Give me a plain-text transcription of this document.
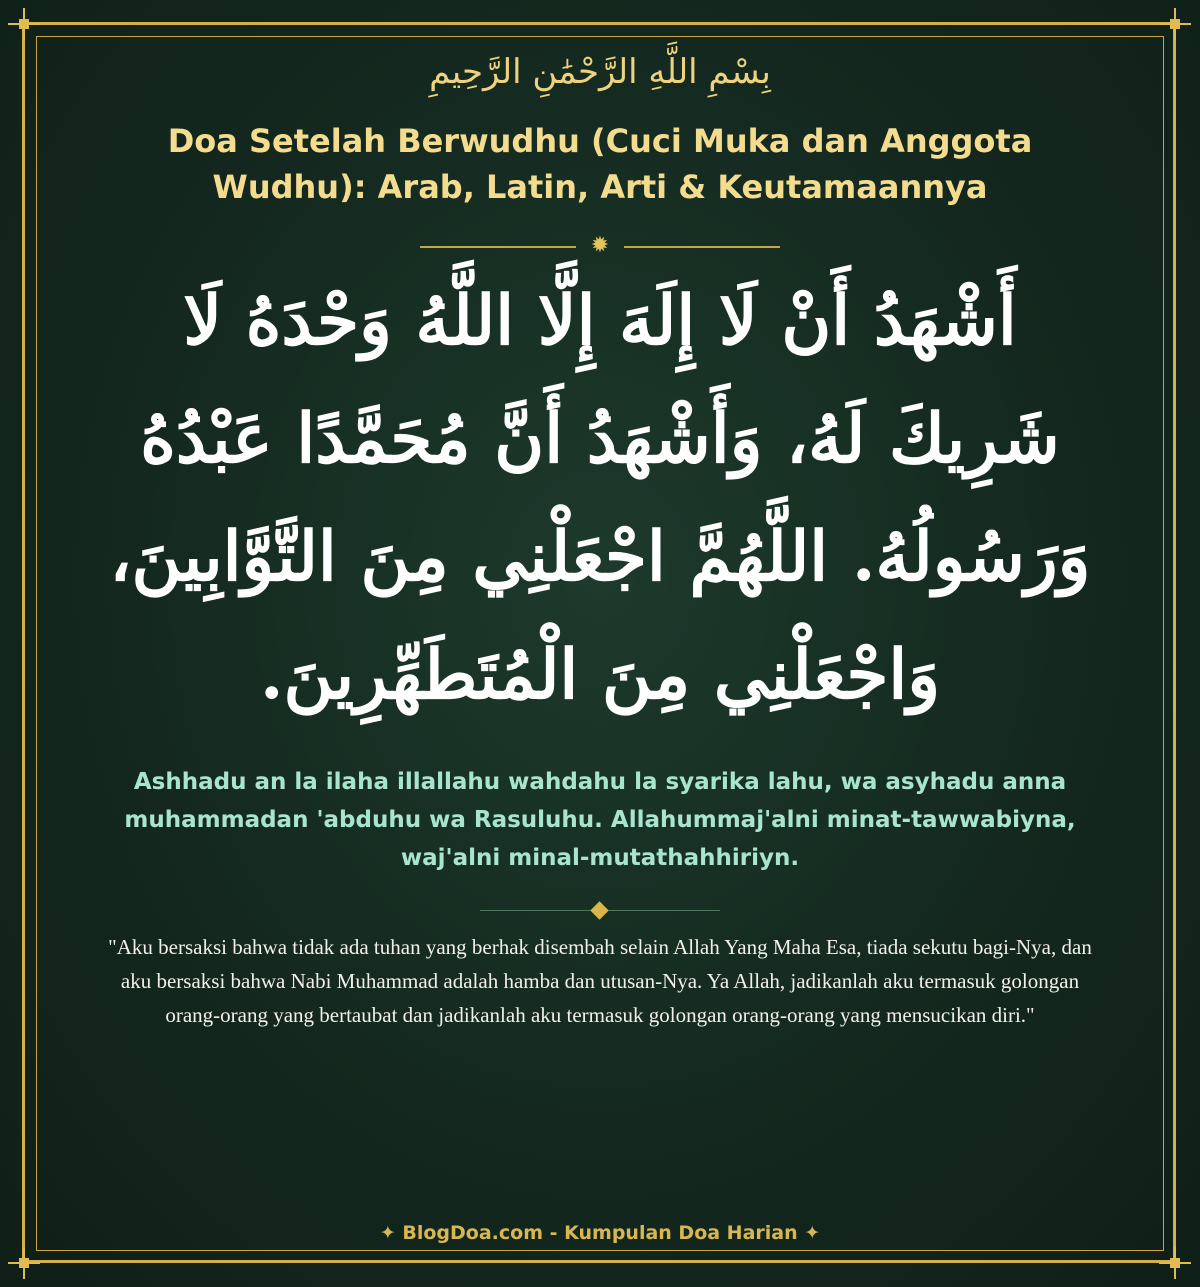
بِسْمِ اللَّهِ الرَّحْمَٰنِ الرَّحِيمِ
Doa Setelah Berwudhu (Cuci Muka dan Anggota Wudhu): Arab, Latin, Arti & Keutamaannya
✹
أَشْهَدُ أَنْ لَا إِلَهَ إِلَّا اللَّهُ وَحْدَهُ لَا شَرِيكَ لَهُ، وَأَشْهَدُ أَنَّ مُحَمَّدًا عَبْدُهُ وَرَسُولُهُ. اللَّهُمَّ اجْعَلْنِي مِنَ التَّوَّابِينَ، وَاجْعَلْنِي مِنَ الْمُتَطَهِّرِينَ.
Ashhadu an la ilaha illallahu wahdahu la syarika lahu, wa asyhadu anna muhammadan 'abduhu wa Rasuluhu. Allahummaj'alni minat-tawwabiyna, waj'alni minal-mutathahhiriyn.
"Aku bersaksi bahwa tidak ada tuhan yang berhak disembah selain Allah Yang Maha Esa, tiada sekutu bagi-Nya, dan aku bersaksi bahwa Nabi Muhammad adalah hamba dan utusan-Nya. Ya Allah, jadikanlah aku termasuk golongan orang-orang yang bertaubat dan jadikanlah aku termasuk golongan orang-orang yang mensucikan diri."
✦ BlogDoa.com - Kumpulan Doa Harian ✦
